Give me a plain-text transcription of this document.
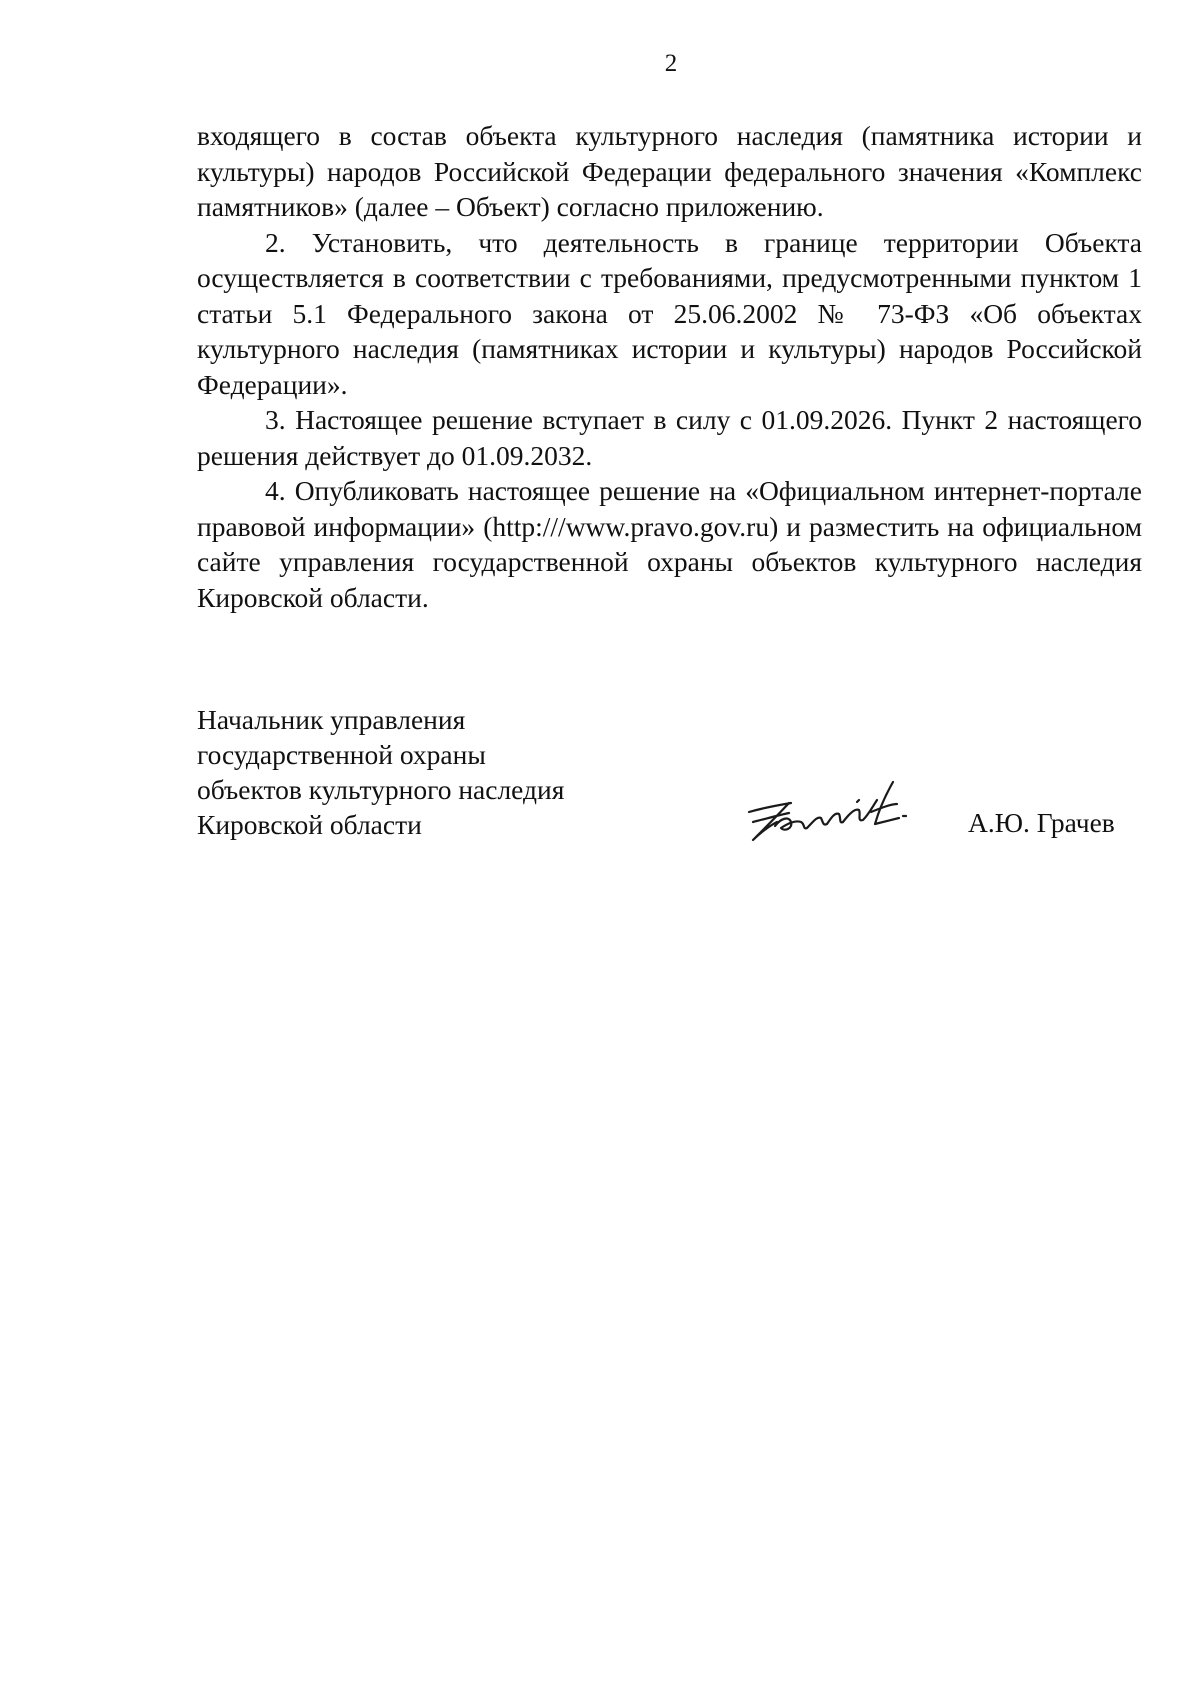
2

входящего в состав объекта культурного наследия (памятника истории и культуры) народов Российской Федерации федерального значения «Комплекс памятников» (далее – Объект) согласно приложению.

2. Установить, что деятельность в границе территории Объекта осуществляется в соответствии с требованиями, предусмотренными пунктом 1 статьи 5.1 Федерального закона от 25.06.2002 № 73-ФЗ «Об объектах культурного наследия (памятниках истории и культуры) народов Российской Федерации».

3. Настоящее решение вступает в силу с 01.09.2026. Пункт 2 настоящего решения действует до 01.09.2032.

4. Опубликовать настоящее решение на «Официальном интернет-портале правовой информации» (http:///www.pravo.gov.ru) и разместить на официальном сайте управления государственной охраны объектов культурного наследия Кировской области.

Начальник управления
государственной охраны
объектов культурного наследия
Кировской области	А.Ю. Грачев
